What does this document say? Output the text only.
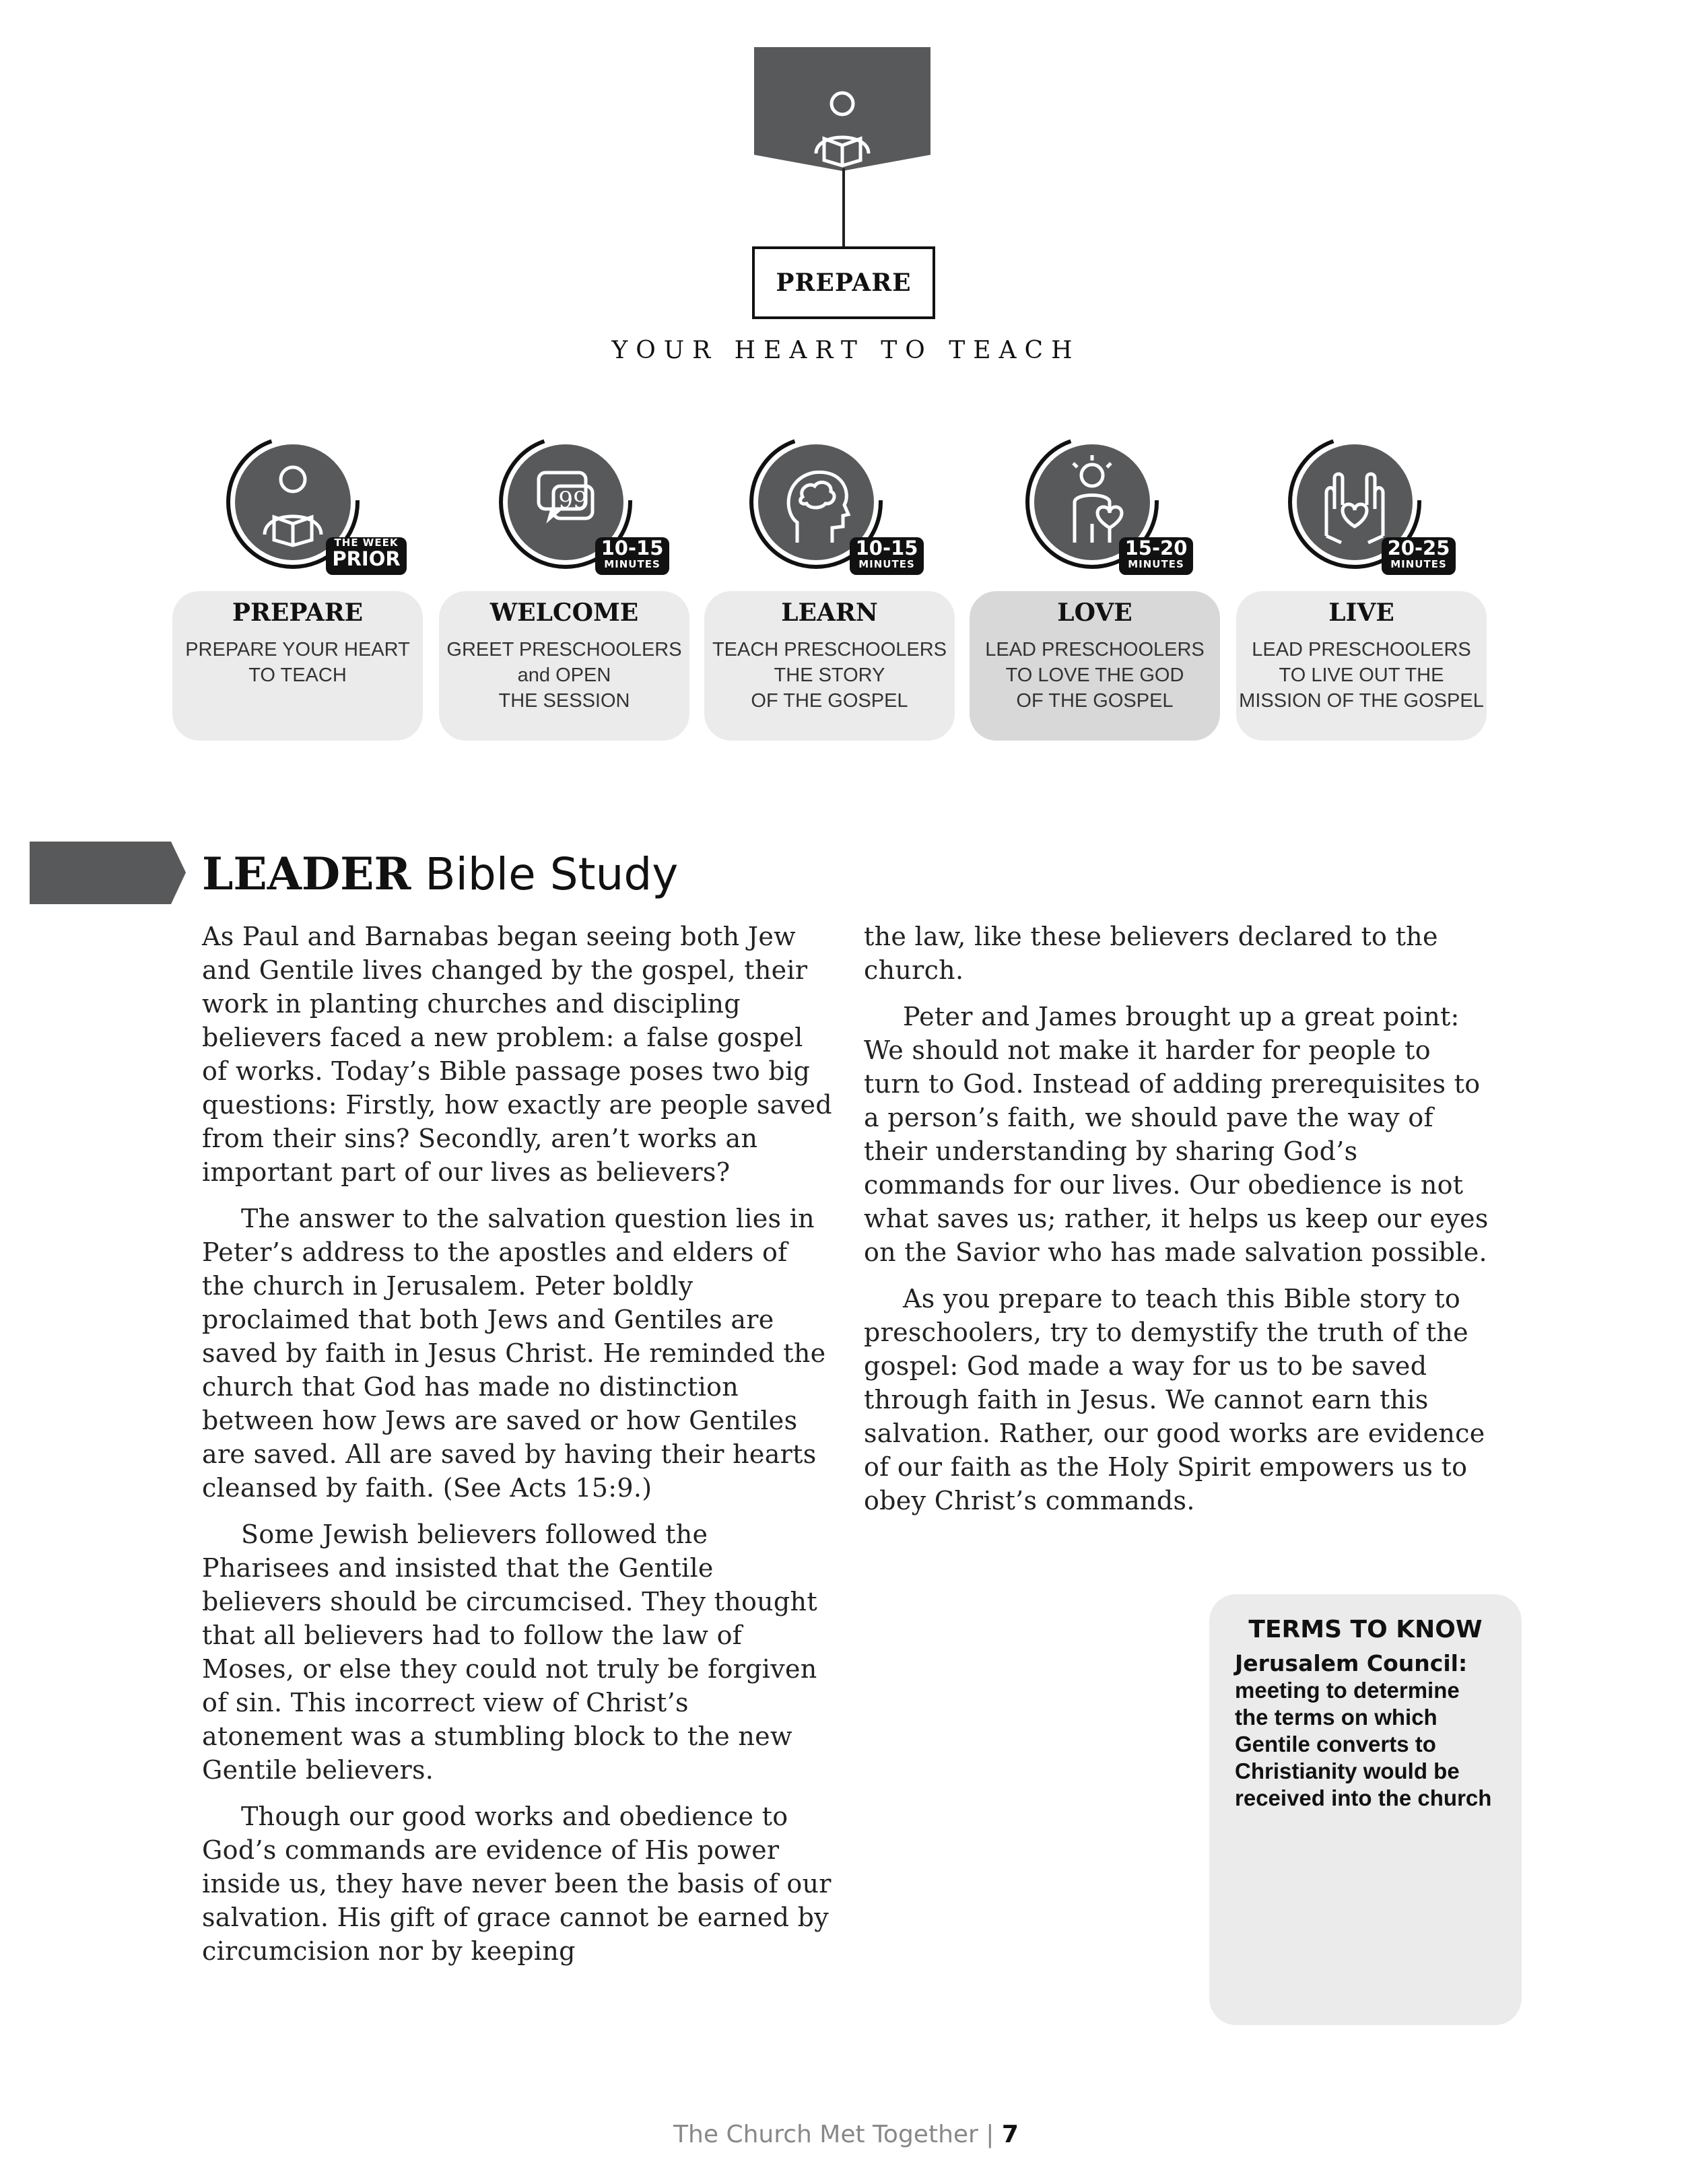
PREPARE
YOUR HEART TO TEACH
THE WEEK
PRIOR
PREPARE
PREPARE YOUR HEART
TO TEACH
99
10-15
MINUTES
WELCOME
GREET PRESCHOOLERS
and OPEN
THE SESSION
10-15
MINUTES
LEARN
TEACH PRESCHOOLERS
THE STORY
OF THE GOSPEL
15-20
MINUTES
LOVE
LEAD PRESCHOOLERS
TO LOVE THE GOD
OF THE GOSPEL
20-25
MINUTES
LIVE
LEAD PRESCHOOLERS
TO LIVE OUT THE
MISSION OF THE GOSPEL
LEADER Bible Study

As Paul and Barnabas began seeing both Jew and Gentile lives changed by the gospel, their work in planting churches and discipling believers faced a new problem: a false gospel of works. Today’s Bible passage poses two big questions: Firstly, how exactly are people saved from their sins? Secondly, aren’t works an important part of our lives as believers?

The answer to the salvation question lies in Peter’s address to the apostles and elders of the church in Jerusalem. Peter boldly proclaimed that both Jews and Gentiles are saved by faith in Jesus Christ. He reminded the church that God has made no distinction between how Jews are saved or how Gentiles are saved. All are saved by having their hearts cleansed by faith. (See Acts 15:9.)

Some Jewish believers followed the Pharisees and insisted that the Gentile believers should be circumcised. They thought that all believers had to follow the law of Moses, or else they could not truly be forgiven of sin. This incorrect view of Christ’s atonement was a stumbling block to the new Gentile believers.

Though our good works and obedience to God’s commands are evidence of His power inside us, they have never been the basis of our salvation. His gift of grace cannot be earned by circumcision nor by keeping

the law, like these believers declared to the church.

Peter and James brought up a great point: We should not make it harder for people to turn to God. Instead of adding prerequisites to a person’s faith, we should pave the way of their understanding by sharing God’s commands for our lives. Our obedience is not what saves us; rather, it helps us keep our eyes on the Savior who has made salvation possible.

As you prepare to teach this Bible story to preschoolers, try to demystify the truth of the gospel: God made a way for us to be saved through faith in Jesus. We cannot earn this salvation. Rather, our good works are evidence of our faith as the Holy Spirit empowers us to obey Christ’s commands.

TERMS TO KNOW
Jerusalem Council: meeting to determine the terms on which Gentile converts to Christianity would be received into the church
The Church Met Together | 7
